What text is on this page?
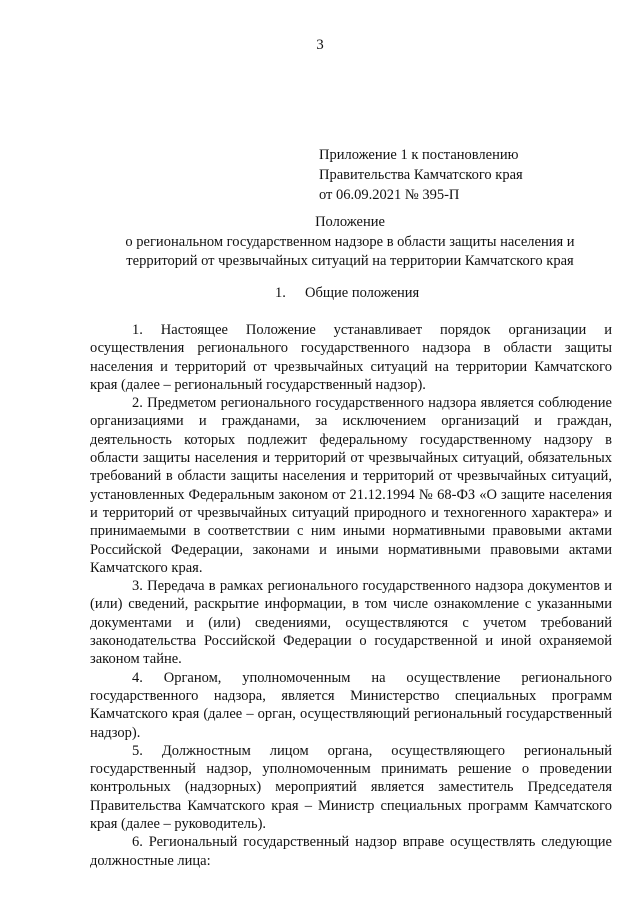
3
Приложение 1 к постановлению
Правительства Камчатского края
от 06.09.2021 № 395-П
Положение
о региональном государственном надзоре в области защиты населения и
территорий от чрезвычайных ситуаций на территории Камчатского края
1. Общие положения

1. Настоящее Положение устанавливает порядок организации и осуществления регионального государственного надзора в области защиты населения и территорий от чрезвычайных ситуаций на территории Камчатского края (далее – региональный государственный надзор).

2. Предметом регионального государственного надзора является соблюдение организациями и гражданами, за исключением организаций и граждан, деятельность которых подлежит федеральному государственному надзору в области защиты населения и территорий от чрезвычайных ситуаций, обязательных требований в области защиты населения и территорий от чрезвычайных ситуаций, установленных Федеральным законом от 21.12.1994 № 68-ФЗ «О защите населения и территорий от чрезвычайных ситуаций природного и техногенного характера» и принимаемыми в соответствии с ним иными нормативными правовыми актами Российской Федерации, законами и иными нормативными правовыми актами Камчатского края.

3. Передача в рамках регионального государственного надзора документов и (или) сведений, раскрытие информации, в том числе ознакомление с указанными документами и (или) сведениями, осуществляются с учетом требований законодательства Российской Федерации о государственной и иной охраняемой законом тайне.

4. Органом, уполномоченным на осуществление регионального государственного надзора, является Министерство специальных программ Камчатского края (далее – орган, осуществляющий региональный государственный надзор).

5. Должностным лицом органа, осуществляющего региональный государственный надзор, уполномоченным принимать решение о проведении контрольных (надзорных) мероприятий является заместитель Председателя Правительства Камчатского края – Министр специальных программ Камчатского края (далее – руководитель).

6. Региональный государственный надзор вправе осуществлять следующие должностные лица:
